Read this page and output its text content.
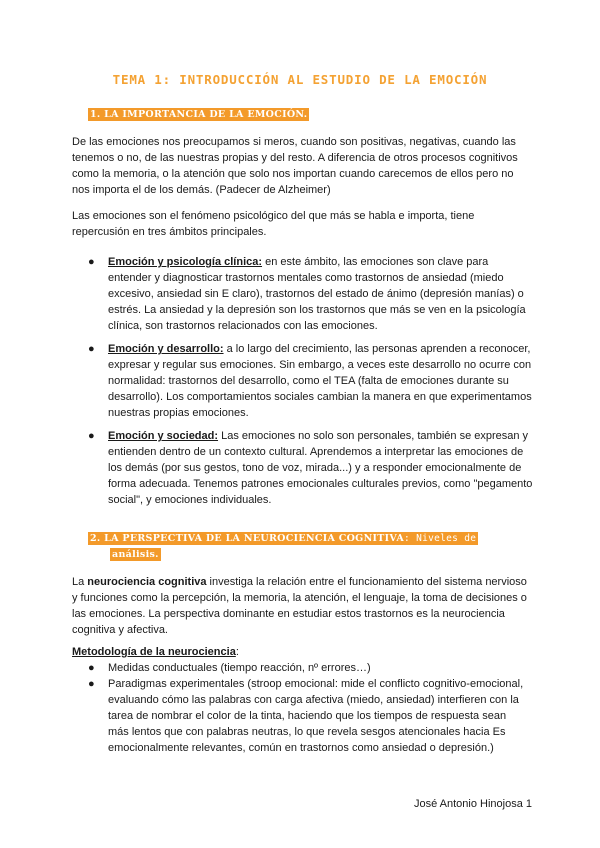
TEMA 1: INTRODUCCIÓN AL ESTUDIO DE LA EMOCIÓN
1. LA IMPORTANCIA DE LA EMOCIÓN.
De las emociones nos preocupamos si meros, cuando son positivas, negativas, cuando las tenemos o no, de las nuestras propias y del resto. A diferencia de otros procesos cognitivos como la memoria, o la atención que solo nos importan cuando carecemos de ellos pero no nos importa el de los demás. (Padecer de Alzheimer)
Las emociones son el fenómeno psicológico del que más se habla e importa, tiene repercusión en tres ámbitos principales.
● Emoción y psicología clínica: en este ámbito, las emociones son clave para entender y diagnosticar trastornos mentales como trastornos de ansiedad (miedo excesivo, ansiedad sin E claro), trastornos del estado de ánimo (depresión manías) o estrés. La ansiedad y la depresión son los trastornos que más se ven en la psicología clínica, son trastornos relacionados con las emociones.
● Emoción y desarrollo: a lo largo del crecimiento, las personas aprenden a reconocer, expresar y regular sus emociones. Sin embargo, a veces este desarrollo no ocurre con normalidad: trastornos del desarrollo, como el TEA (falta de emociones durante su desarrollo). Los comportamientos sociales cambian la manera en que experimentamos nuestras propias emociones.
● Emoción y sociedad: Las emociones no solo son personales, también se expresan y entienden dentro de un contexto cultural. Aprendemos a interpretar las emociones de los demás (por sus gestos, tono de voz, mirada...) y a responder emocionalmente de forma adecuada. Tenemos patrones emocionales culturales previos, como "pegamento social", y emociones individuales.
2. LA PERSPECTIVA DE LA NEUROCIENCIA COGNITIVA: Niveles de
análisis.
La neurociencia cognitiva investiga la relación entre el funcionamiento del sistema nervioso y funciones como la percepción, la memoria, la atención, el lenguaje, la toma de decisiones o las emociones. La perspectiva dominante en estudiar estos trastornos es la neurociencia cognitiva y afectiva.
Metodología de la neurociencia:
● Medidas conductuales (tiempo reacción, nº errores…)
● Paradigmas experimentales (stroop emocional: mide el conflicto cognitivo-emocional, evaluando cómo las palabras con carga afectiva (miedo, ansiedad) interfieren con la tarea de nombrar el color de la tinta, haciendo que los tiempos de respuesta sean más lentos que con palabras neutras, lo que revela sesgos atencionales hacia Es emocionalmente relevantes, común en trastornos como ansiedad o depresión.)
José Antonio Hinojosa 1
